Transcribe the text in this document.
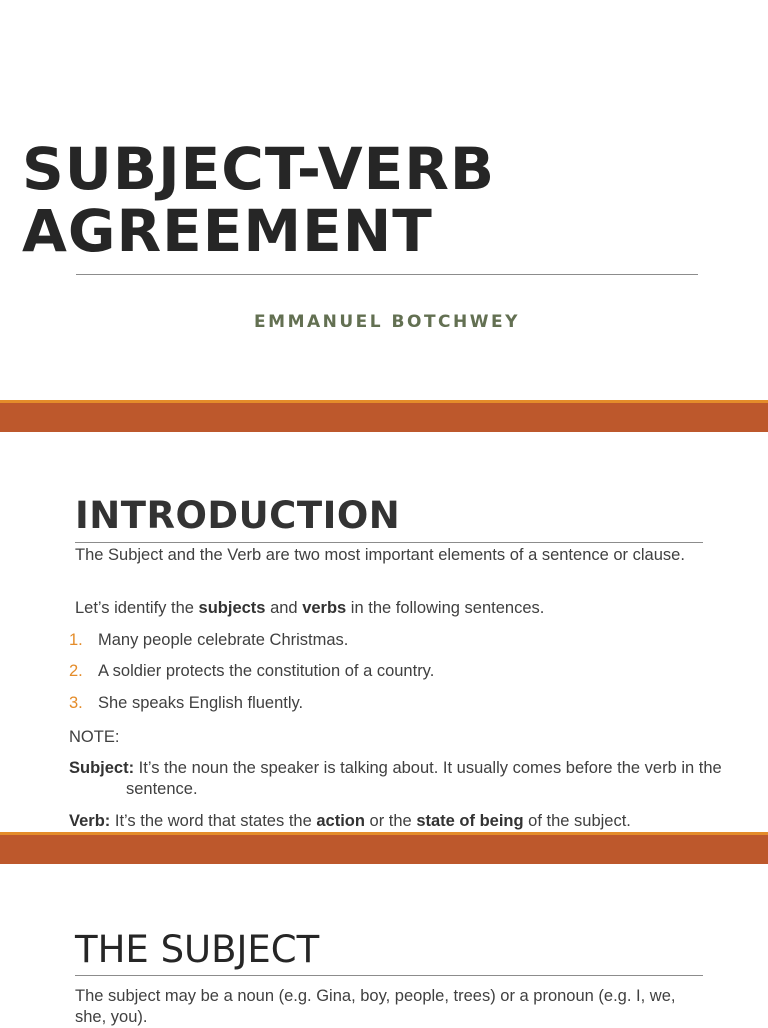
SUBJECT-VERB
AGREEMENT
EMMANUEL BOTCHWEY
INTRODUCTION

The Subject and the Verb are two most important elements of a sentence or clause.

Let’s identify the subjects and verbs in the following sentences.

1. Many people celebrate Christmas.

2. A soldier protects the constitution of a country.

3. She speaks English fluently.

NOTE:

Subject: It’s the noun the speaker is talking about. It usually comes before the verb in the sentence.

Verb: It’s the word that states the action or the state of being of the subject.

THE SUBJECT

The subject may be a noun (e.g. Gina, boy, people, trees) or a pronoun (e.g. I, we, she, you).
